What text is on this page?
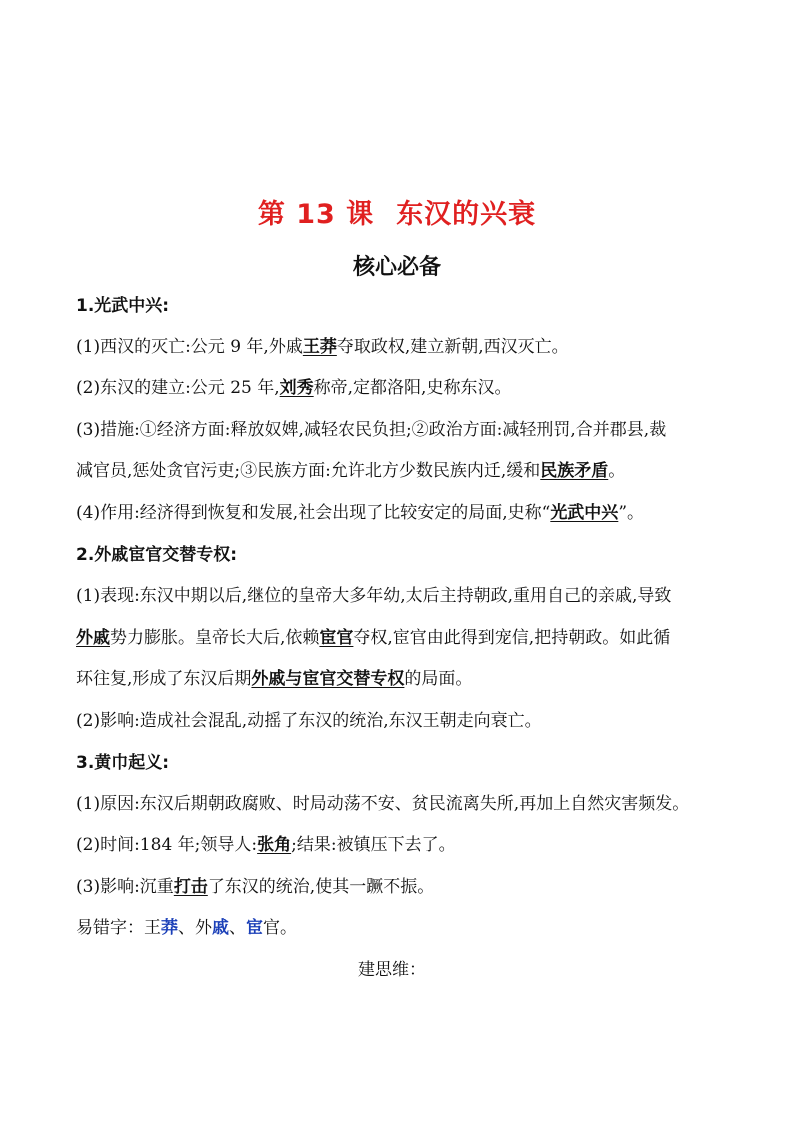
第 13 课 东汉的兴衰
核心必备
1.光武中兴:
(1)西汉的灭亡:公元 9 年,外戚王莽夺取政权,建立新朝,西汉灭亡。
(2)东汉的建立:公元 25 年,刘秀称帝,定都洛阳,史称东汉。
(3)措施:①经济方面:释放奴婢,减轻农民负担;②政治方面:减轻刑罚,合并郡县,裁
减官员,惩处贪官污吏;③民族方面:允许北方少数民族内迁,缓和民族矛盾。
(4)作用:经济得到恢复和发展,社会出现了比较安定的局面,史称“光武中兴”。
2.外戚宦官交替专权:
(1)表现:东汉中期以后,继位的皇帝大多年幼,太后主持朝政,重用自己的亲戚,导致
外戚势力膨胀。皇帝长大后,依赖宦官夺权,宦官由此得到宠信,把持朝政。如此循
环往复,形成了东汉后期外戚与宦官交替专权的局面。
(2)影响:造成社会混乱,动摇了东汉的统治,东汉王朝走向衰亡。
3.黄巾起义:
(1)原因:东汉后期朝政腐败、时局动荡不安、贫民流离失所,再加上自然灾害频发。
(2)时间:184 年;领导人:张角;结果:被镇压下去了。
(3)影响:沉重打击了东汉的统治,使其一蹶不振。
易错字：王莽、外戚、宦官。
建思维：
